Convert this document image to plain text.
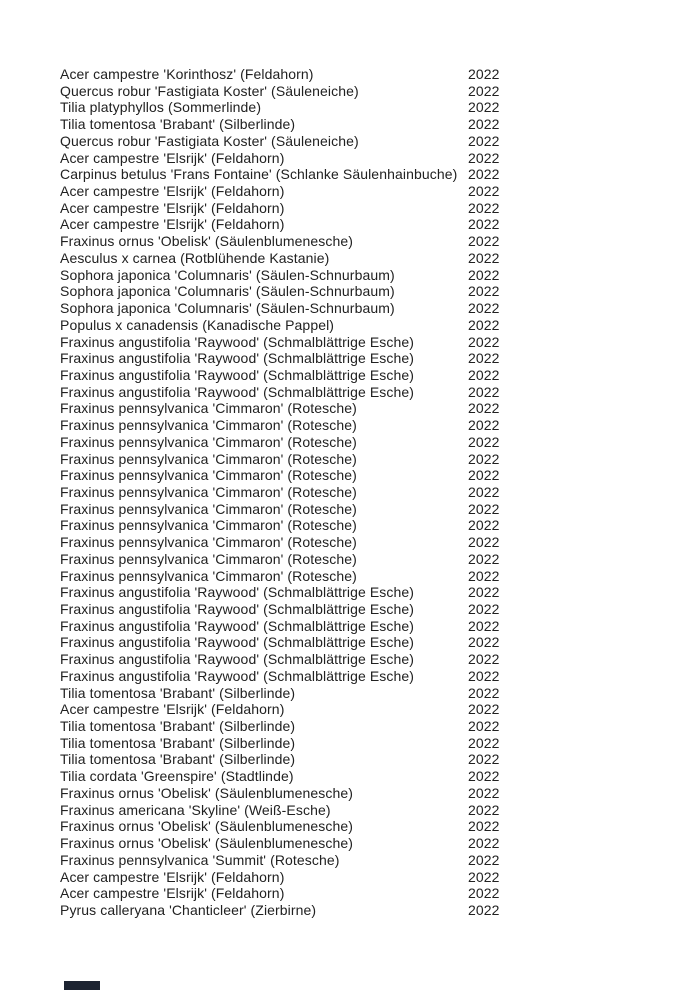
Acer campestre 'Korinthosz' (Feldahorn)	2022
Quercus robur 'Fastigiata Koster' (Säuleneiche)	2022
Tilia platyphyllos (Sommerlinde)	2022
Tilia tomentosa 'Brabant' (Silberlinde)	2022
Quercus robur 'Fastigiata Koster' (Säuleneiche)	2022
Acer campestre 'Elsrijk' (Feldahorn)	2022
Carpinus betulus 'Frans Fontaine' (Schlanke Säulenhainbuche) 2022
Acer campestre 'Elsrijk' (Feldahorn)	2022
Acer campestre 'Elsrijk' (Feldahorn)	2022
Acer campestre 'Elsrijk' (Feldahorn)	2022
Fraxinus ornus 'Obelisk' (Säulenblumenesche)	2022
Aesculus x carnea (Rotblühende Kastanie)	2022
Sophora japonica 'Columnaris' (Säulen-Schnurbaum)	2022
Sophora japonica 'Columnaris' (Säulen-Schnurbaum)	2022
Sophora japonica 'Columnaris' (Säulen-Schnurbaum)	2022
Populus x canadensis (Kanadische Pappel)	2022
Fraxinus angustifolia 'Raywood' (Schmalblättrige Esche)	2022
Fraxinus angustifolia 'Raywood' (Schmalblättrige Esche)	2022
Fraxinus angustifolia 'Raywood' (Schmalblättrige Esche)	2022
Fraxinus angustifolia 'Raywood' (Schmalblättrige Esche)	2022
Fraxinus pennsylvanica 'Cimmaron' (Rotesche)	2022
Fraxinus pennsylvanica 'Cimmaron' (Rotesche)	2022
Fraxinus pennsylvanica 'Cimmaron' (Rotesche)	2022
Fraxinus pennsylvanica 'Cimmaron' (Rotesche)	2022
Fraxinus pennsylvanica 'Cimmaron' (Rotesche)	2022
Fraxinus pennsylvanica 'Cimmaron' (Rotesche)	2022
Fraxinus pennsylvanica 'Cimmaron' (Rotesche)	2022
Fraxinus pennsylvanica 'Cimmaron' (Rotesche)	2022
Fraxinus pennsylvanica 'Cimmaron' (Rotesche)	2022
Fraxinus pennsylvanica 'Cimmaron' (Rotesche)	2022
Fraxinus pennsylvanica 'Cimmaron' (Rotesche)	2022
Fraxinus angustifolia 'Raywood' (Schmalblättrige Esche)	2022
Fraxinus angustifolia 'Raywood' (Schmalblättrige Esche)	2022
Fraxinus angustifolia 'Raywood' (Schmalblättrige Esche)	2022
Fraxinus angustifolia 'Raywood' (Schmalblättrige Esche)	2022
Fraxinus angustifolia 'Raywood' (Schmalblättrige Esche)	2022
Fraxinus angustifolia 'Raywood' (Schmalblättrige Esche)	2022
Tilia tomentosa 'Brabant' (Silberlinde)	2022
Acer campestre 'Elsrijk' (Feldahorn)	2022
Tilia tomentosa 'Brabant' (Silberlinde)	2022
Tilia tomentosa 'Brabant' (Silberlinde)	2022
Tilia tomentosa 'Brabant' (Silberlinde)	2022
Tilia cordata 'Greenspire' (Stadtlinde)	2022
Fraxinus ornus 'Obelisk' (Säulenblumenesche)	2022
Fraxinus americana 'Skyline' (Weiß-Esche)	2022
Fraxinus ornus 'Obelisk' (Säulenblumenesche)	2022
Fraxinus ornus 'Obelisk' (Säulenblumenesche)	2022
Fraxinus pennsylvanica 'Summit' (Rotesche)	2022
Acer campestre 'Elsrijk' (Feldahorn)	2022
Acer campestre 'Elsrijk' (Feldahorn)	2022
Pyrus calleryana 'Chanticleer' (Zierbirne)	2022
